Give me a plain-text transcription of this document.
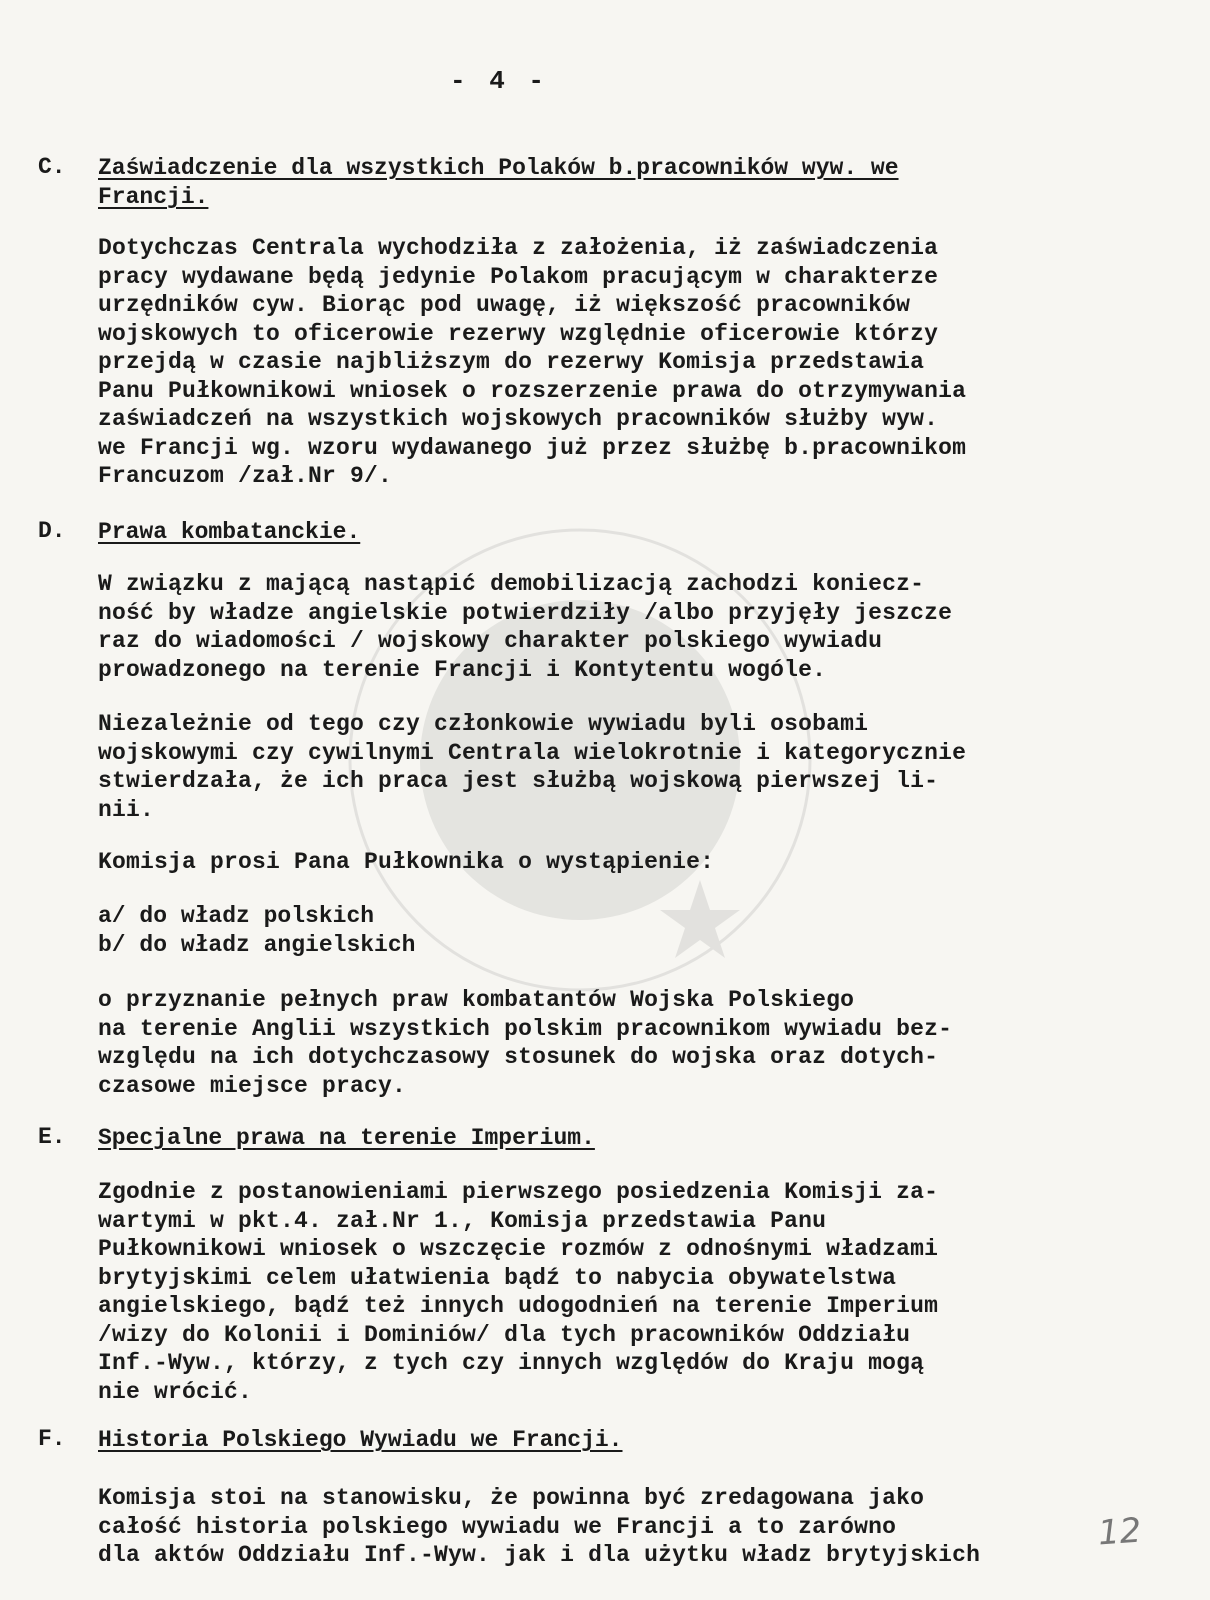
- 4 -
C. Zaświadczenie dla wszystkich Polaków b.pracowników wyw. we
Francji.
Dotychczas Centrala wychodziła z założenia, iż zaświadczenia
pracy wydawane będą jedynie Polakom pracującym w charakterze
urzędników cyw. Biorąc pod uwagę, iż większość pracowników
wojskowych to oficerowie rezerwy względnie oficerowie którzy
przejdą w czasie najbliższym do rezerwy Komisja przedstawia
Panu Pułkownikowi wniosek o rozszerzenie prawa do otrzymywania
zaświadczeń na wszystkich wojskowych pracowników służby wyw.
we Francji wg. wzoru wydawanego już przez służbę b.pracownikom
Francuzom /zał.Nr 9/.
D. Prawa kombatanckie.
W związku z mającą nastąpić demobilizacją zachodzi koniecz-
ność by władze angielskie potwierdziły /albo przyjęły jeszcze
raz do wiadomości / wojskowy charakter polskiego wywiadu
prowadzonego na terenie Francji i Kontytentu wogóle.
Niezależnie od tego czy członkowie wywiadu byli osobami
wojskowymi czy cywilnymi Centrala wielokrotnie i kategorycznie
stwierdzała, że ich praca jest służbą wojskową pierwszej li-
nii.
Komisja prosi Pana Pułkownika o wystąpienie:
a/ do władz polskich
b/ do władz angielskich
o przyznanie pełnych praw kombatantów Wojska Polskiego
na terenie Anglii wszystkich polskim pracownikom wywiadu bez-
względu na ich dotychczasowy stosunek do wojska oraz dotych-
czasowe miejsce pracy.
E. Specjalne prawa na terenie Imperium.
Zgodnie z postanowieniami pierwszego posiedzenia Komisji za-
wartymi w pkt.4. zał.Nr 1., Komisja przedstawia Panu
Pułkownikowi wniosek o wszczęcie rozmów z odnośnymi władzami
brytyjskimi celem ułatwienia bądź to nabycia obywatelstwa
angielskiego, bądź też innych udogodnień na terenie Imperium
/wizy do Kolonii i Dominiów/ dla tych pracowników Oddziału
Inf.-Wyw., którzy, z tych czy innych względów do Kraju mogą
nie wrócić.
F. Historia Polskiego Wywiadu we Francji.
Komisja stoi na stanowisku, że powinna być zredagowana jako
całość historia polskiego wywiadu we Francji a to zarówno
dla aktów Oddziału Inf.-Wyw. jak i dla użytku władz brytyjskich
12
